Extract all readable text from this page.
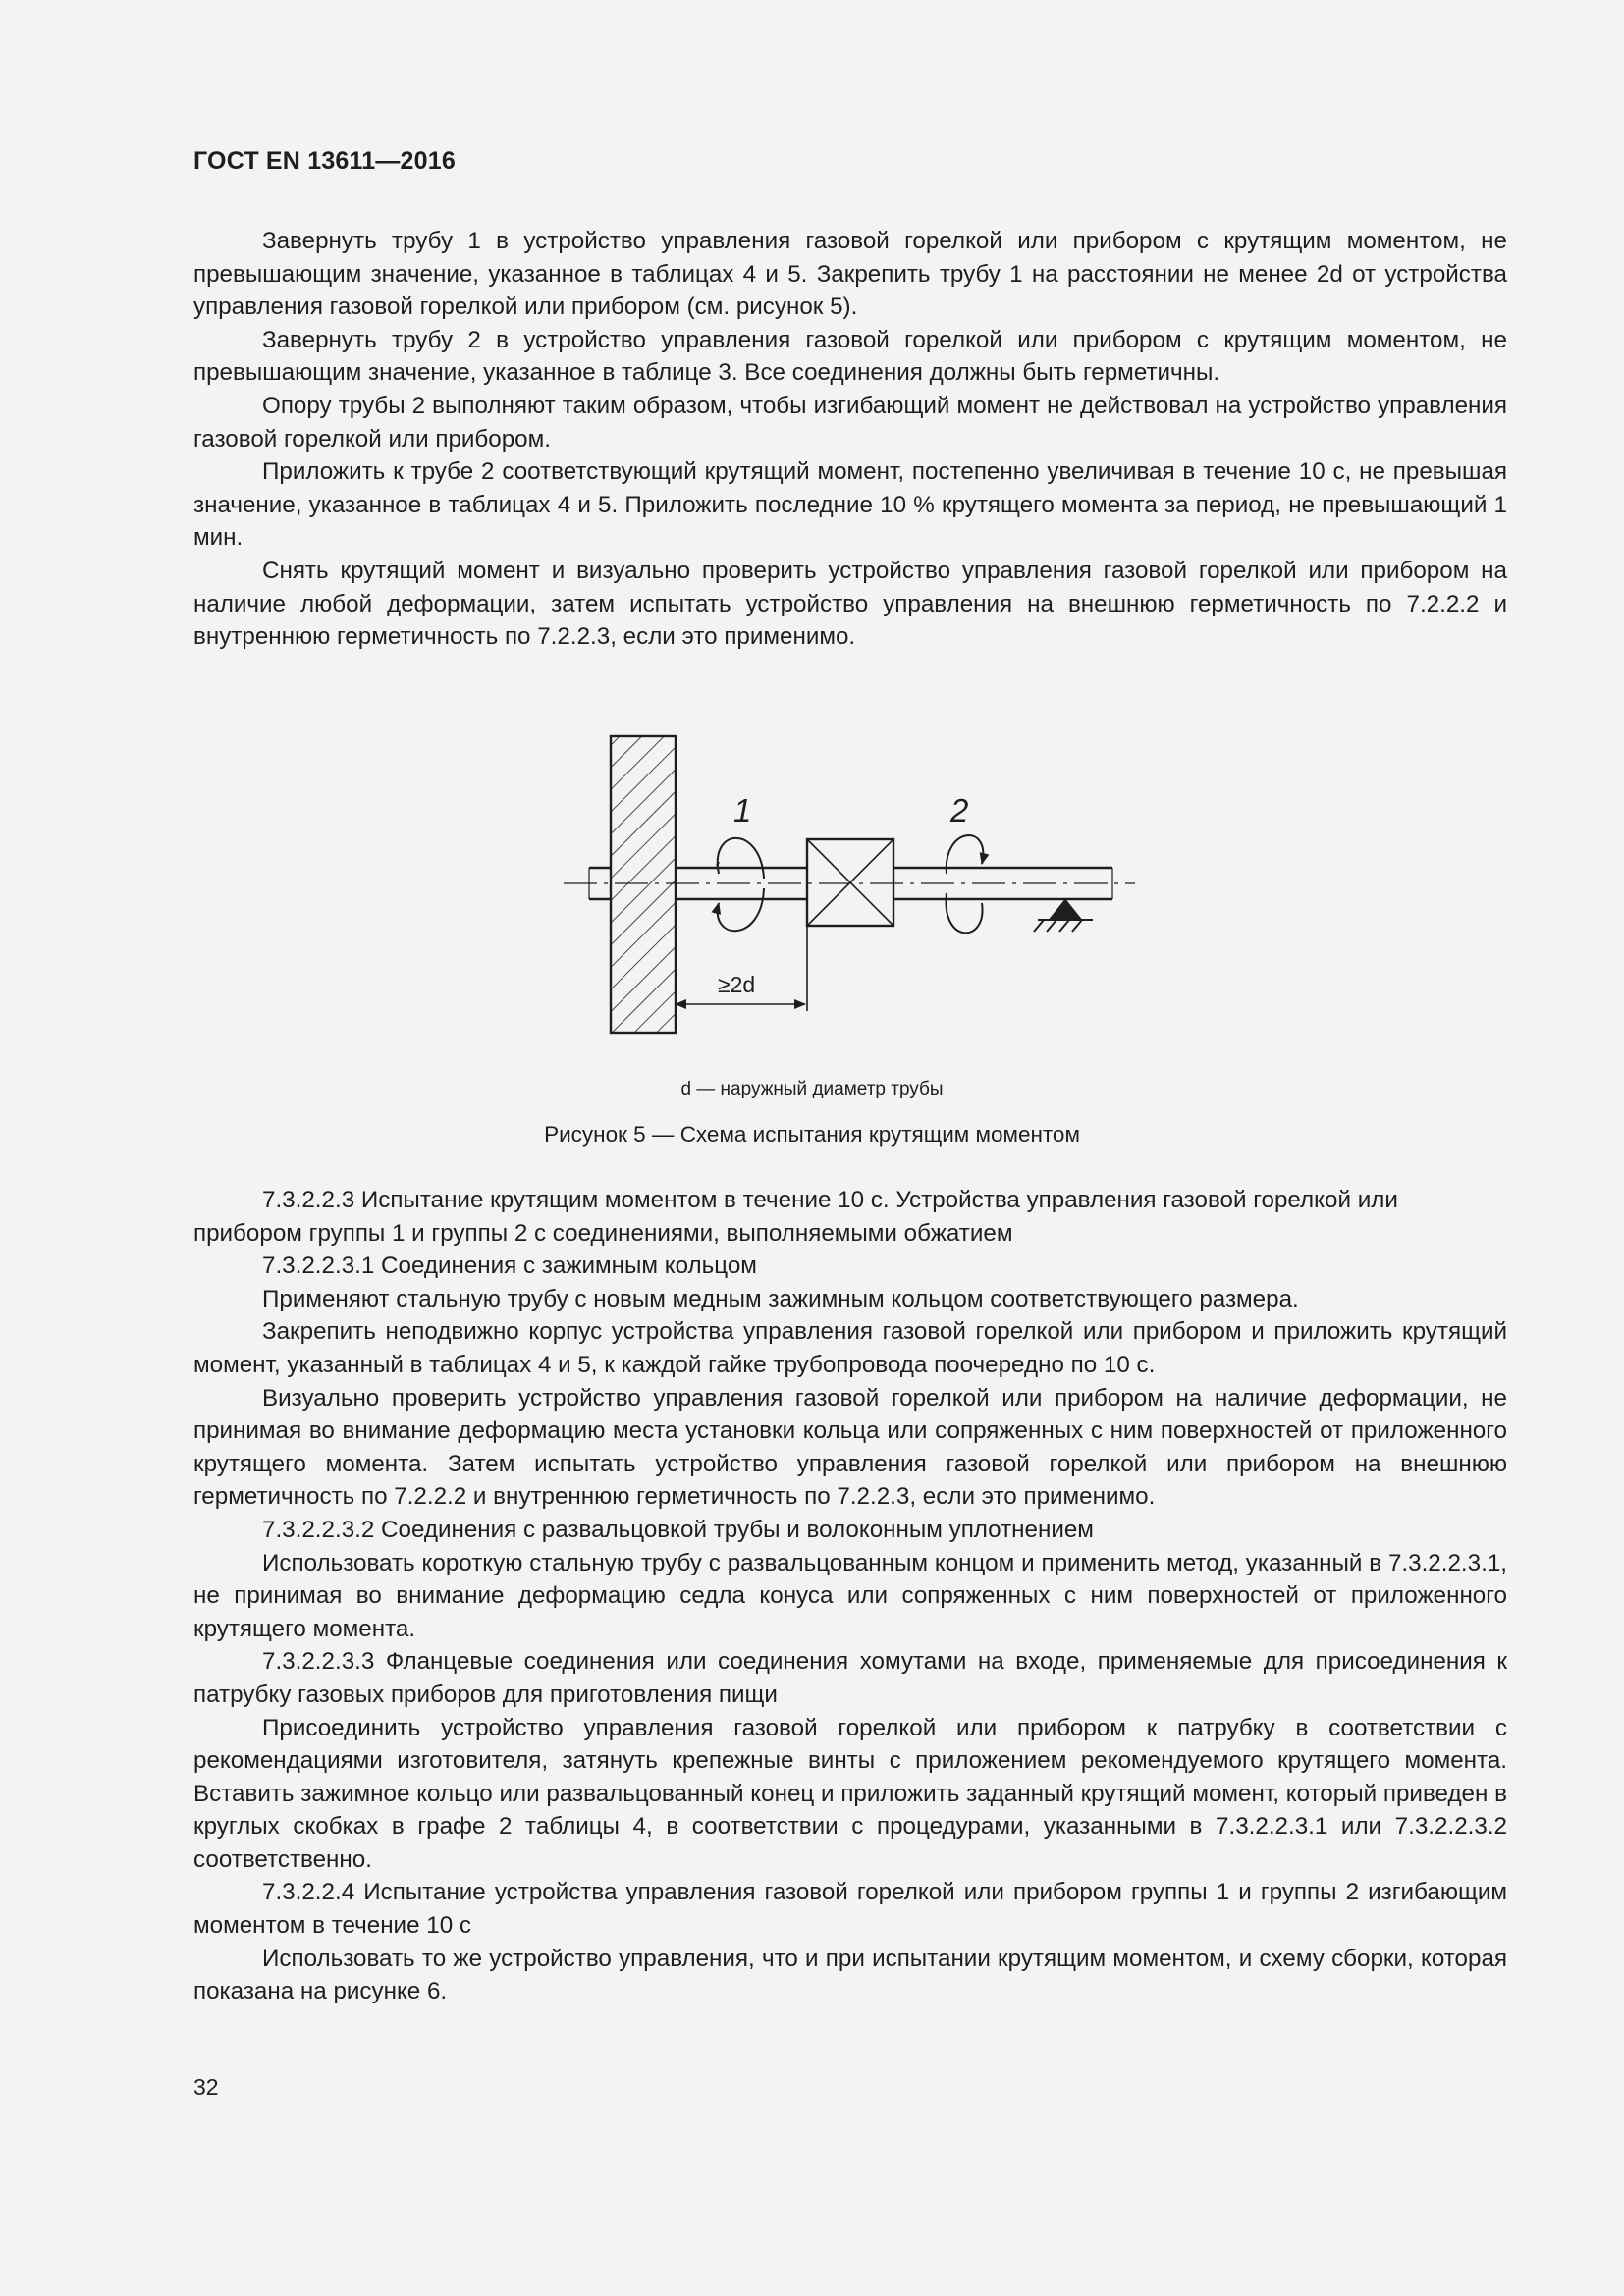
ГОСТ EN 13611—2016

Завернуть трубу 1 в устройство управления газовой горелкой или прибором с крутящим моментом, не превышающим значение, указанное в таблицах 4 и 5. Закрепить трубу 1 на расстоянии не менее 2d от устройства управления газовой горелкой или прибором (см. рисунок 5).

Завернуть трубу 2 в устройство управления газовой горелкой или прибором с крутящим моментом, не превышающим значение, указанное в таблице 3. Все соединения должны быть герметичны.

Опору трубы 2 выполняют таким образом, чтобы изгибающий момент не действовал на устройство управления газовой горелкой или прибором.

Приложить к трубе 2 соответствующий крутящий момент, постепенно увеличивая в течение 10 с, не превышая значение, указанное в таблицах 4 и 5. Приложить последние 10 % крутящего момента за период, не превышающий 1 мин.

Снять крутящий момент и визуально проверить устройство управления газовой горелкой или прибором на наличие любой деформации, затем испытать устройство управления на внешнюю герметичность по 7.2.2.2 и внутреннюю герметичность по 7.2.2.3, если это применимо.

1	2
≥2d
d — наружный диаметр трубы
Рисунок 5 — Схема испытания крутящим моментом

7.3.2.2.3 Испытание крутящим моментом в течение 10 с. Устройства управления газовой горелкой или прибором группы 1 и группы 2 с соединениями, выполняемыми обжатием

7.3.2.2.3.1 Соединения с зажимным кольцом

Применяют стальную трубу с новым медным зажимным кольцом соответствующего размера.

Закрепить неподвижно корпус устройства управления газовой горелкой или прибором и приложить крутящий момент, указанный в таблицах 4 и 5, к каждой гайке трубопровода поочередно по 10 с.

Визуально проверить устройство управления газовой горелкой или прибором на наличие деформации, не принимая во внимание деформацию места установки кольца или сопряженных с ним поверхностей от приложенного крутящего момента. Затем испытать устройство управления газовой горелкой или прибором на внешнюю герметичность по 7.2.2.2 и внутреннюю герметичность по 7.2.2.3, если это применимо.

7.3.2.2.3.2 Соединения с развальцовкой трубы и волоконным уплотнением

Использовать короткую стальную трубу с развальцованным концом и применить метод, указанный в 7.3.2.2.3.1, не принимая во внимание деформацию седла конуса или сопряженных с ним поверхностей от приложенного крутящего момента.

7.3.2.2.3.3 Фланцевые соединения или соединения хомутами на входе, применяемые для присоединения к патрубку газовых приборов для приготовления пищи

Присоединить устройство управления газовой горелкой или прибором к патрубку в соответствии с рекомендациями изготовителя, затянуть крепежные винты с приложением рекомендуемого крутящего момента. Вставить зажимное кольцо или развальцованный конец и приложить заданный крутящий момент, который приведен в круглых скобках в графе 2 таблицы 4, в соответствии с процедурами, указанными в 7.3.2.2.3.1 или 7.3.2.2.3.2 соответственно.

7.3.2.2.4 Испытание устройства управления газовой горелкой или прибором группы 1 и группы 2 изгибающим моментом в течение 10 с

Использовать то же устройство управления, что и при испытании крутящим моментом, и схему сборки, которая показана на рисунке 6.

32
